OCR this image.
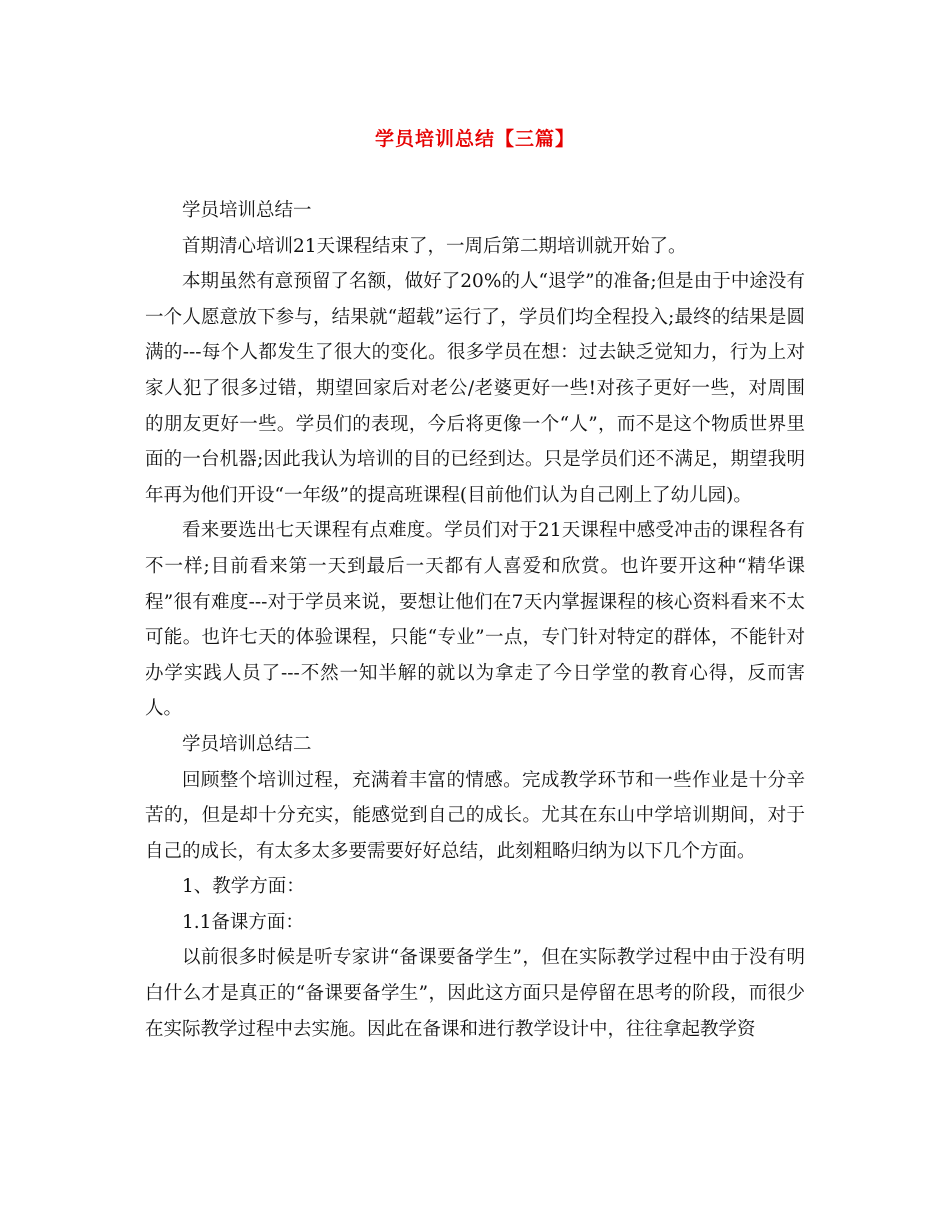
学员培训总结【三篇】

学员培训总结一

首期清心培训21天课程结束了，一周后第二期培训就开始了。

本期虽然有意预留了名额，做好了20%的人“退学”的准备;但是由于中途没有一个人愿意放下参与，结果就“超载”运行了，学员们均全程投入;最终的结果是圆满的---每个人都发生了很大的变化。很多学员在想：过去缺乏觉知力，行为上对家人犯了很多过错，期望回家后对老公/老婆更好一些!对孩子更好一些，对周围的朋友更好一些。学员们的表现，今后将更像一个“人”，而不是这个物质世界里面的一台机器;因此我认为培训的目的已经到达。只是学员们还不满足，期望我明年再为他们开设“一年级”的提高班课程(目前他们认为自己刚上了幼儿园)。

看来要选出七天课程有点难度。学员们对于21天课程中感受冲击的课程各有不一样;目前看来第一天到最后一天都有人喜爱和欣赏。也许要开这种“精华课程”很有难度---对于学员来说，要想让他们在7天内掌握课程的核心资料看来不太可能。也许七天的体验课程，只能“专业”一点，专门针对特定的群体，不能针对办学实践人员了---不然一知半解的就以为拿走了今日学堂的教育心得，反而害人。

学员培训总结二

回顾整个培训过程，充满着丰富的情感。完成教学环节和一些作业是十分辛苦的，但是却十分充实，能感觉到自己的成长。尤其在东山中学培训期间，对于自己的成长，有太多太多要需要好好总结，此刻粗略归纳为以下几个方面。

1、教学方面：

1.1备课方面：

以前很多时候是听专家讲“备课要备学生”，但在实际教学过程中由于没有明白什么才是真正的“备课要备学生”，因此这方面只是停留在思考的阶段，而很少在实际教学过程中去实施。因此在备课和进行教学设计中，往往拿起教学资
